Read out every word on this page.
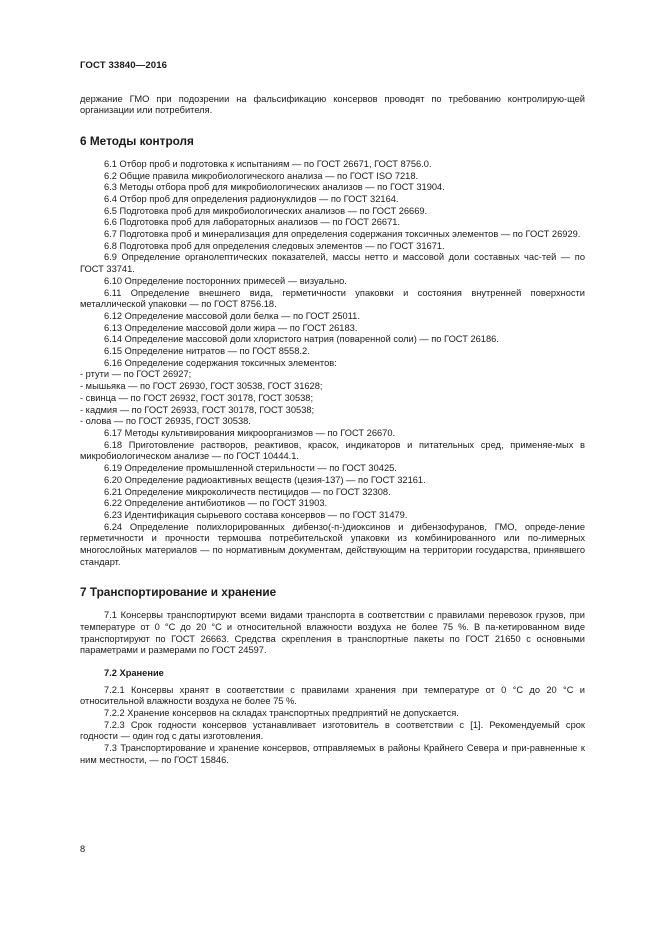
ГОСТ 33840—2016

держание ГМО при подозрении на фальсификацию консервов проводят по требованию контролирую-щей организации или потребителя.

6 Методы контроля

6.1 Отбор проб и подготовка к испытаниям — по ГОСТ 26671, ГОСТ 8756.0.

6.2 Общие правила микробиологического анализа — по ГОСТ ISO 7218.

6.3 Методы отбора проб для микробиологических анализов — по ГОСТ 31904.

6.4 Отбор проб для определения радионуклидов — по ГОСТ 32164.

6.5 Подготовка проб для микробиологических анализов — по ГОСТ 26669.

6.6 Подготовка проб для лабораторных анализов — по ГОСТ 26671.

6.7 Подготовка проб и минерализация для определения содержания токсичных элементов — по ГОСТ 26929.

6.8 Подготовка проб для определения следовых элементов — по ГОСТ 31671.

6.9 Определение органолептических показателей, массы нетто и массовой доли составных час-тей — по ГОСТ 33741.

6.10 Определение посторонних примесей — визуально.

6.11 Определение внешнего вида, герметичности упаковки и состояния внутренней поверхности металлической упаковки — по ГОСТ 8756.18.

6.12 Определение массовой доли белка — по ГОСТ 25011.

6.13 Определение массовой доли жира — по ГОСТ 26183.

6.14 Определение массовой доли хлористого натрия (поваренной соли) — по ГОСТ 26186.

6.15 Определение нитратов — по ГОСТ 8558.2.

6.16 Определение содержания токсичных элементов:

- ртути — по ГОСТ 26927;

- мышьяка — по ГОСТ 26930, ГОСТ 30538, ГОСТ 31628;

- свинца — по ГОСТ 26932, ГОСТ 30178, ГОСТ 30538;

- кадмия — по ГОСТ 26933, ГОСТ 30178, ГОСТ 30538;

- олова — по ГОСТ 26935, ГОСТ 30538.

6.17 Методы культивирования микроорганизмов — по ГОСТ 26670.

6.18 Приготовление растворов, реактивов, красок, индикаторов и питательных сред, применяе-мых в микробиологическом анализе — по ГОСТ 10444.1.

6.19 Определение промышленной стерильности — по ГОСТ 30425.

6.20 Определение радиоактивных веществ (цезия-137) — по ГОСТ 32161.

6.21 Определение микроколичеств пестицидов — по ГОСТ 32308.

6.22 Определение антибиотиков — по ГОСТ 31903.

6.23 Идентификация сырьевого состава консервов — по ГОСТ 31479.

6.24 Определение полихлорированных дибензо(-п-)диоксинов и дибензофуранов, ГМО, опреде-ление герметичности и прочности термошва потребительской упаковки из комбинированного или по-лимерных многослойных материалов — по нормативным документам, действующим на территории государства, принявшего стандарт.

7 Транспортирование и хранение

7.1 Консервы транспортируют всеми видами транспорта в соответствии с правилами перевозок грузов, при температуре от 0 °С до 20 °С и относительной влажности воздуха не более 75 %. В па-кетированном виде транспортируют по ГОСТ 26663. Средства скрепления в транспортные пакеты по ГОСТ 21650 с основными параметрами и размерами по ГОСТ 24597.

7.2 Хранение

7.2.1 Консервы хранят в соответствии с правилами хранения при температуре от 0 °С до 20 °С и относительной влажности воздуха не более 75 %.

7.2.2 Хранение консервов на складах транспортных предприятий не допускается.

7.2.3 Срок годности консервов устанавливает изготовитель в соответствии с [1]. Рекомендуемый срок годности — один год с даты изготовления.

7.3 Транспортирование и хранение консервов, отправляемых в районы Крайнего Севера и при-равненные к ним местности, — по ГОСТ 15846.

8
